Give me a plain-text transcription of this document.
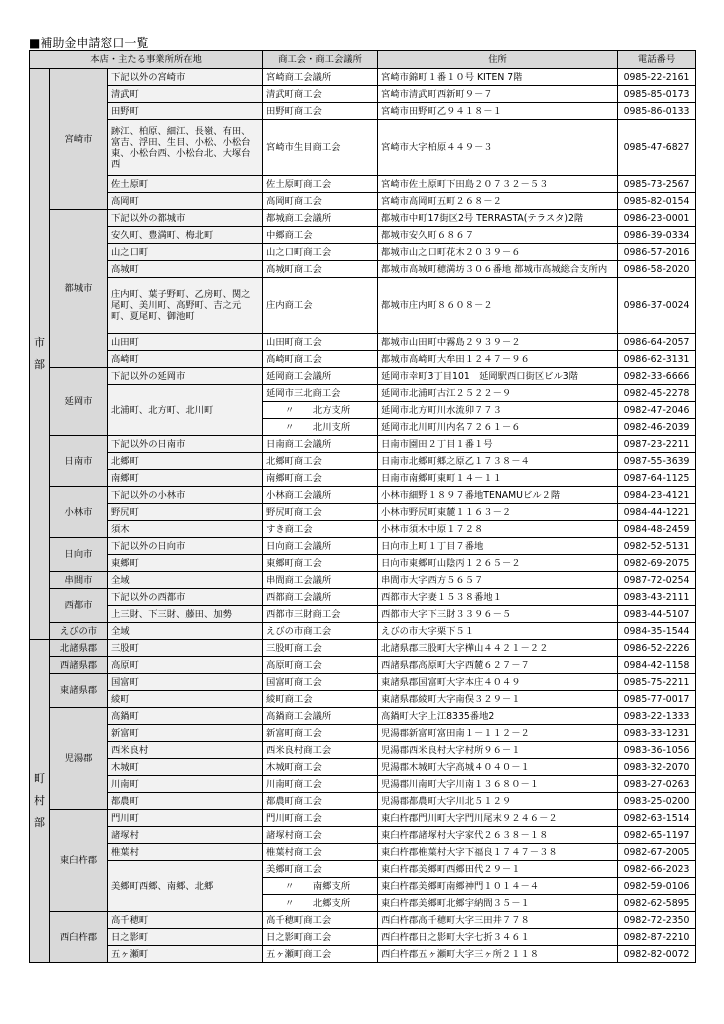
■補助金申請窓口一覧
本店・主たる事業所所在地			商工会・商工会議所	住所	電話番号
市
部	宮崎市	下記以外の宮崎市	宮崎商工会議所	宮崎市錦町１番１０号 KITEN 7階	0985-22-2161
		清武町	清武町商工会	宮崎市清武町西新町９－７	0985-85-0173
		田野町	田野町商工会	宮崎市田野町乙９４１８－１	0985-86-0133
		跡江、柏原、細江、長嶺、有田、富吉、浮田、生目、小松、小松台東、小松台西、小松台北、大塚台西	宮崎市生目商工会	宮崎市大字柏原４４９－３	0985-47-6827
		佐土原町	佐土原町商工会	宮崎市佐土原町下田島２０７３２－５３	0985-73-2567
		高岡町	高岡町商工会	宮崎市高岡町五町２６８－２	0985-82-0154
	都城市	下記以外の都城市	都城商工会議所	都城市中町17街区2号 TERRASTA(テラスタ)2階	0986-23-0001
		安久町、豊満町、梅北町	中郷商工会	都城市安久町６８６７	0986-39-0334
		山之口町	山之口町商工会	都城市山之口町花木２０３９－６	0986-57-2016
		高城町	高城町商工会	都城市高城町穂満坊３０６番地 都城市高城総合支所内	0986-58-2020
		庄内町、葉子野町、乙房町、関之尾町、美川町、高野町、吉之元町、夏尾町、御池町	庄内商工会	都城市庄内町８６０８－２	0986-37-0024
		山田町	山田町商工会	都城市山田町中霧島２９３９－２	0986-64-2057
		高崎町	高崎町商工会	都城市高崎町大牟田１２４７－９６	0986-62-3131
	延岡市	下記以外の延岡市	延岡商工会議所	延岡市幸町3丁目101　延岡駅西口街区ビル3階	0982-33-6666
		北浦町、北方町、北川町	延岡市三北商工会	延岡市北浦町古江２５２２－９	0982-45-2278
			〃　　北方支所	延岡市北方町川水流卯７７３	0982-47-2046
			〃　　北川支所	延岡市北川町川内名７２６１－６	0982-46-2039
	日南市	下記以外の日南市	日南商工会議所	日南市園田２丁目１番１号	0987-23-2211
		北郷町	北郷町商工会	日南市北郷町郷之原乙１７３８－４	0987-55-3639
		南郷町	南郷町商工会	日南市南郷町東町１４－１１	0987-64-1125
	小林市	下記以外の小林市	小林商工会議所	小林市細野１８９７番地TENAMUビル２階	0984-23-4121
		野尻町	野尻町商工会	小林市野尻町東麓１１６３－２	0984-44-1221
		須木	すき商工会	小林市須木中原１７２８	0984-48-2459
	日向市	下記以外の日向市	日向商工会議所	日向市上町１丁目７番地	0982-52-5131
		東郷町	東郷町商工会	日向市東郷町山陰丙１２６５－２	0982-69-2075
	串間市	全域	串間商工会議所	串間市大字西方５６５７	0987-72-0254
	西都市	下記以外の西都市	西都商工会議所	西都市大字妻１５３８番地１	0983-43-2111
		上三財、下三財、藤田、加勢	西都市三財商工会	西都市大字下三財３３９６－５	0983-44-5107
	えびの市	全域	えびの市商工会	えびの市大字栗下５１	0984-35-1544
町
村
部	北諸県郡	三股町	三股町商工会	北諸県郡三股町大字樺山４４２１－２２	0986-52-2226
	西諸県郡	高原町	高原町商工会	西諸県郡高原町大字西麓６２７－７	0984-42-1158
	東諸県郡	国富町	国富町商工会	東諸県郡国富町大字本庄４０４９	0985-75-2211
		綾町	綾町商工会	東諸県郡綾町大字南俣３２９－１	0985-77-0017
	児湯郡	高鍋町	高鍋商工会議所	高鍋町大字上江8335番地2	0983-22-1333
		新富町	新富町商工会	児湯郡新富町富田南１－１１２－２	0983-33-1231
		西米良村	西米良村商工会	児湯郡西米良村大字村所９６－１	0983-36-1056
		木城町	木城町商工会	児湯郡木城町大字高城４０４０－１	0983-32-2070
		川南町	川南町商工会	児湯郡川南町大字川南１３６８０－１	0983-27-0263
		都農町	都農町商工会	児湯郡都農町大字川北５１２９	0983-25-0200
	東臼杵郡	門川町	門川町商工会	東臼杵郡門川町大字門川尾末９２４６－２	0982-63-1514
		諸塚村	諸塚村商工会	東臼杵郡諸塚村大字家代２６３８－１８	0982-65-1197
		椎葉村	椎葉村商工会	東臼杵郡椎葉村大字下福良１７４７－３８	0982-67-2005
		美郷町西郷、南郷、北郷	美郷町商工会	東臼杵郡美郷町西郷田代２９－１	0982-66-2023
			〃　　南郷支所	東臼杵郡美郷町南郷神門１０１４－４	0982-59-0106
			〃　　北郷支所	東臼杵郡美郷町北郷宇納間３５－１	0982-62-5895
	西臼杵郡	高千穂町	高千穂町商工会	西臼杵郡高千穂町大字三田井７７８	0982-72-2350
		日之影町	日之影町商工会	西臼杵郡日之影町大字七折３４６１	0982-87-2210
		五ヶ瀬町	五ヶ瀬町商工会	西臼杵郡五ヶ瀬町大字三ヶ所２１１８	0982-82-0072
